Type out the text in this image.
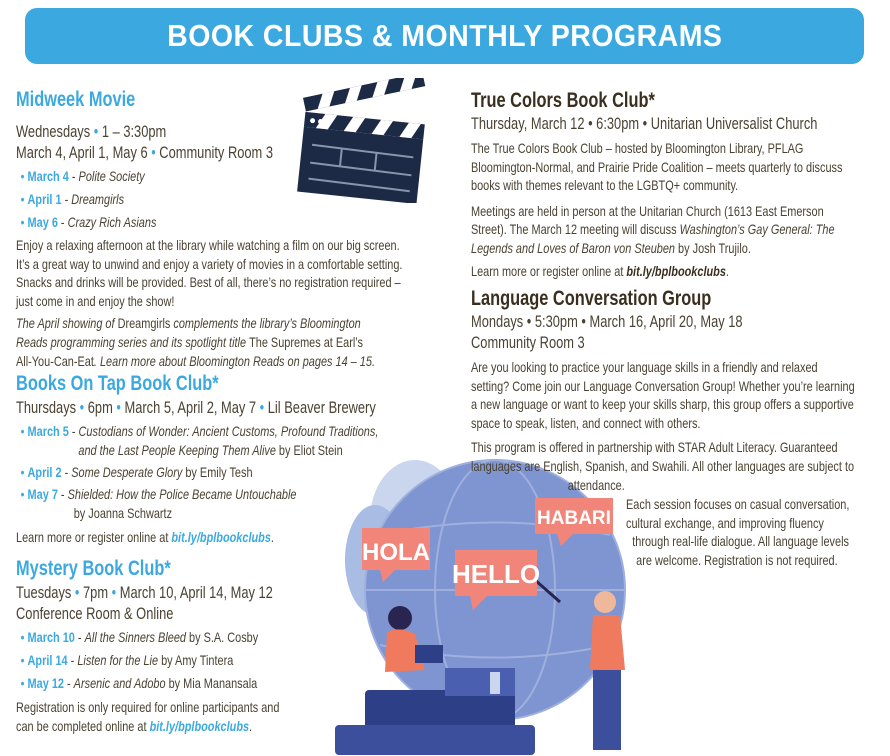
BOOK CLUBS & MONTHLY PROGRAMS
HOLA
HELLO
HABARI
Midweek Movie
Wednesdays • 1 – 3:30pm
March 4, April 1, May 6 • Community Room 3
• March 4 - Polite Society
• April 1 - Dreamgirls
• May 6 - Crazy Rich Asians
Enjoy a relaxing afternoon at the library while watching a film on our big screen.
It’s a great way to unwind and enjoy a variety of movies in a comfortable setting.
Snacks and drinks will be provided. Best of all, there’s no registration required –
just come in and enjoy the show!
The April showing of Dreamgirls complements the library’s Bloomington
Reads programming series and its spotlight title The Supremes at Earl’s
All-You-Can-Eat. Learn more about Bloomington Reads on pages 14 – 15.
Books On Tap Book Club*
Thursdays • 6pm • March 5, April 2, May 7 • Lil Beaver Brewery
• March 5 - Custodians of Wonder: Ancient Customs, Profound Traditions,
and the Last People Keeping Them Alive by Eliot Stein
• April 2 - Some Desperate Glory by Emily Tesh
• May 7 - Shielded: How the Police Became Untouchable
by Joanna Schwartz
Learn more or register online at bit.ly/bplbookclubs.
Mystery Book Club*
Tuesdays • 7pm • March 10, April 14, May 12
Conference Room & Online
• March 10 - All the Sinners Bleed by S.A. Cosby
• April 14 - Listen for the Lie by Amy Tintera
• May 12 - Arsenic and Adobo by Mia Manansala
Registration is only required for online participants and
can be completed online at bit.ly/bplbookclubs.
True Colors Book Club*
Thursday, March 12 • 6:30pm • Unitarian Universalist Church
The True Colors Book Club – hosted by Bloomington Library, PFLAG
Bloomington-Normal, and Prairie Pride Coalition – meets quarterly to discuss
books with themes relevant to the LGBTQ+ community.
Meetings are held in person at the Unitarian Church (1613 East Emerson
Street). The March 12 meeting will discuss Washington’s Gay General: The
Legends and Loves of Baron von Steuben by Josh Trujilo.
Learn more or register online at bit.ly/bplbookclubs.
Language Conversation Group
Mondays • 5:30pm • March 16, April 20, May 18
Community Room 3
Are you looking to practice your language skills in a friendly and relaxed
setting? Come join our Language Conversation Group! Whether you’re learning
a new language or want to keep your skills sharp, this group offers a supportive
space to speak, listen, and connect with others.
This program is offered in partnership with STAR Adult Literacy. Guaranteed
languages are English, Spanish, and Swahili. All other languages are subject to
attendance.
Each session focuses on casual conversation,
cultural exchange, and improving fluency
through real-life dialogue. All language levels
are welcome. Registration is not required.
